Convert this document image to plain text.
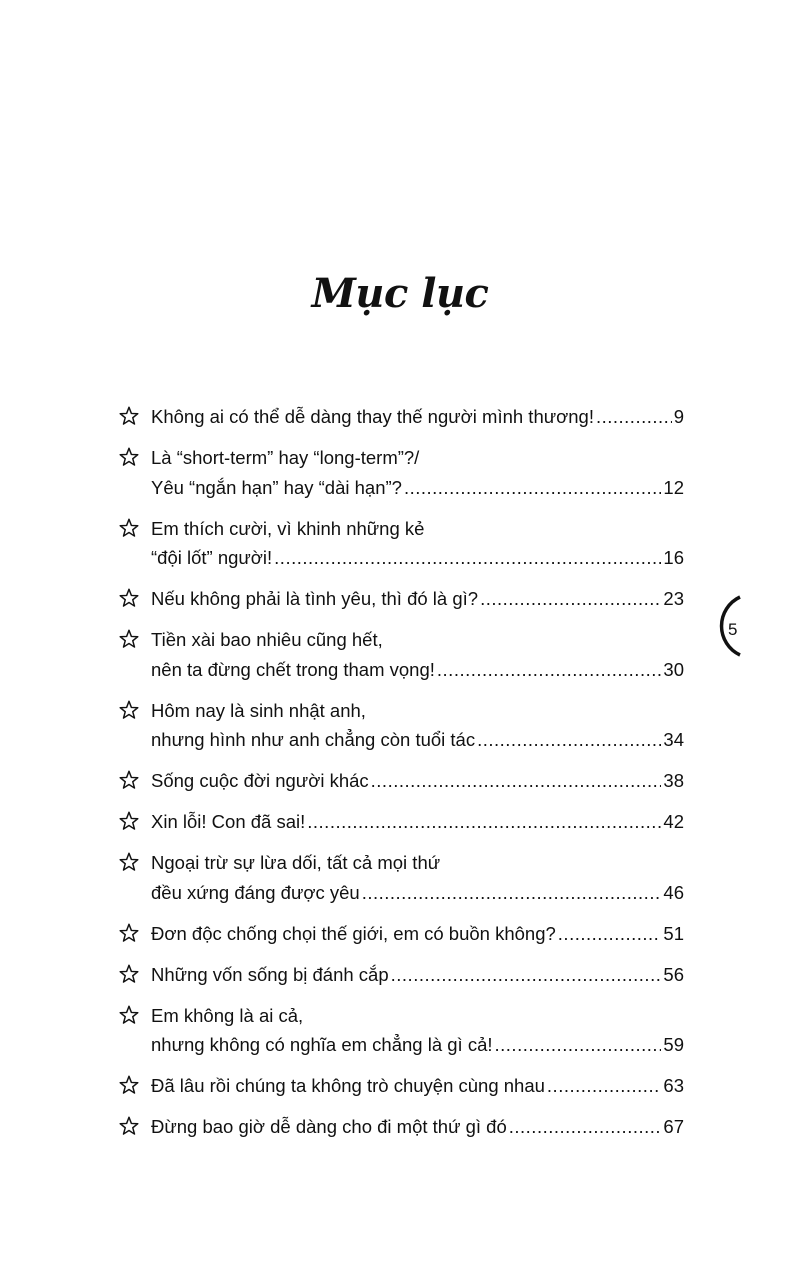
Mục lục
Không ai có thể dễ dàng thay thế người mình thương! .....	9
Là “short-term” hay “long-term”?/
Yêu “ngắn hạn” hay “dài hạn”? .....	12
Em thích cười, vì khinh những kẻ
“đội lốt” người! .....	16
Nếu không phải là tình yêu, thì đó là gì? .....	23
Tiền xài bao nhiêu cũng hết,
nên ta đừng chết trong tham vọng! .....	30
Hôm nay là sinh nhật anh,
nhưng hình như anh chẳng còn tuổi tác .....	34
Sống cuộc đời người khác .....	38
Xin lỗi! Con đã sai! .....	42
Ngoại trừ sự lừa dối, tất cả mọi thứ
đều xứng đáng được yêu .....	46
Đơn độc chống chọi thế giới, em có buồn không? .....	51
Những vốn sống bị đánh cắp .....	56
Em không là ai cả,
nhưng không có nghĩa em chẳng là gì cả! .....	59
Đã lâu rồi chúng ta không trò chuyện cùng nhau .....	63
Đừng bao giờ dễ dàng cho đi một thứ gì đó .....	67
5
